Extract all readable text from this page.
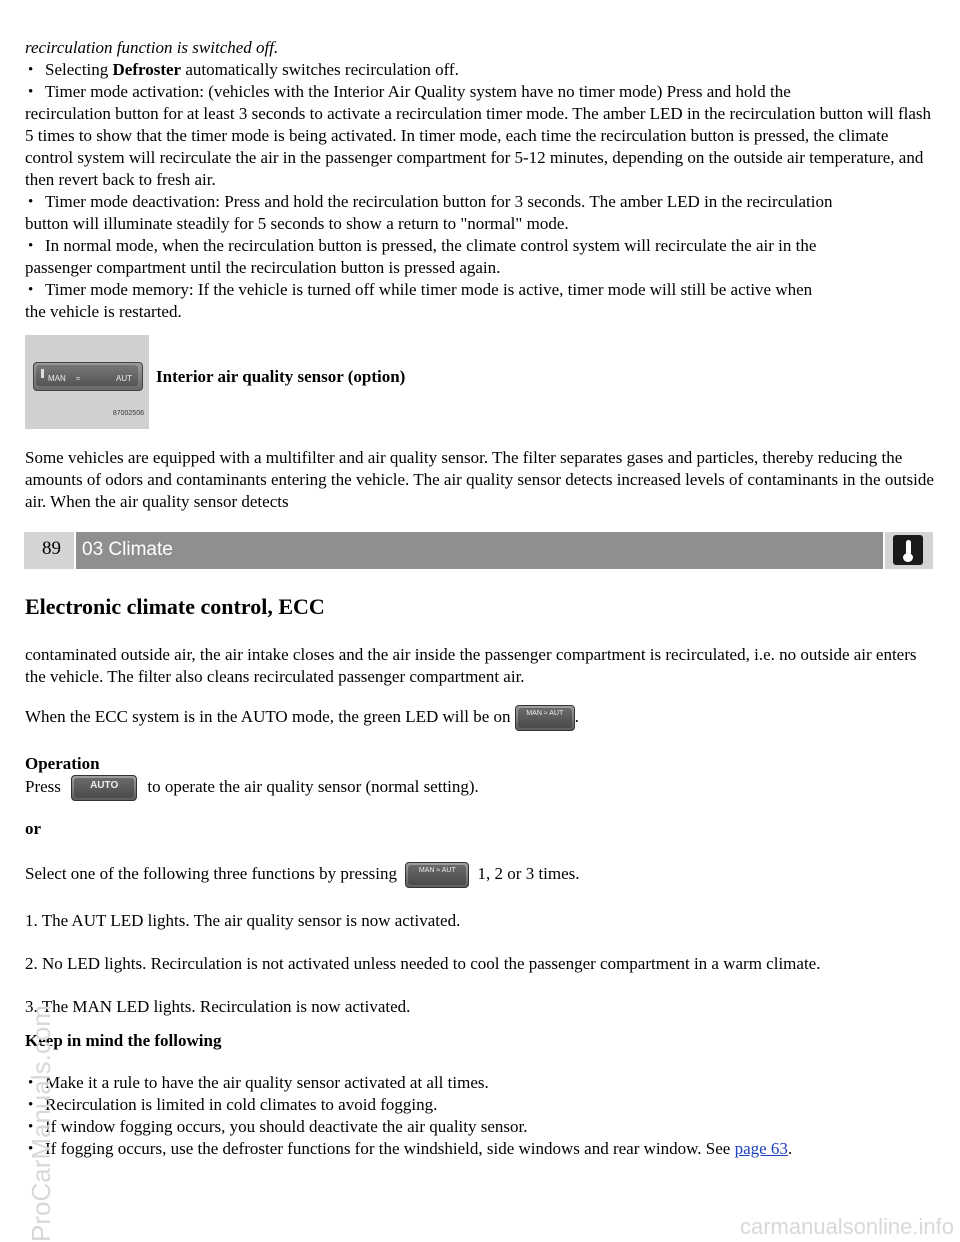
recirculation function is switched off.

• Selecting Defroster automatically switches recirculation off.
• Timer mode activation: (vehicles with the Interior Air Quality system have no timer mode) Press and hold the

recirculation button for at least 3 seconds to activate a recirculation timer mode. The amber LED in the recirculation button will flash 5 times to show that the timer mode is being activated. In timer mode, each time the recirculation button is pressed, the climate control system will recirculate the air in the passenger compartment for 5-12 minutes, depending on the outside air temperature, and then revert back to fresh air.

• Timer mode deactivation: Press and hold the recirculation button for 3 seconds. The amber LED in the recirculation

button will illuminate steadily for 5 seconds to show a return to "normal" mode.

• In normal mode, when the recirculation button is pressed, the climate control system will recirculate the air in the

passenger compartment until the recirculation button is pressed again.

• Timer mode memory: If the vehicle is turned off while timer mode is active, timer mode will still be active when

the vehicle is restarted.

MAN ≈	AUT
87002506
Interior air quality sensor (option)
Some vehicles are equipped with a multifilter and air quality sensor. The filter separates gases and particles, thereby reducing the amounts of odors and contaminants entering the vehicle. The air quality sensor detects increased levels of contaminants in the outside air. When the air quality sensor detects
89 03 Climate
Electronic climate control, ECC
contaminated outside air, the air intake closes and the air inside the passenger compartment is recirculated, i.e. no outside air enters the vehicle. The filter also cleans recirculated passenger compartment air.
When the ECC system is in the AUTO mode, the green LED will be on	MAN ≈ AUT .
Operation
Press	AUTO	to operate the air quality sensor (normal setting).
or
Select one of the following three functions by pressing	MAN ≈ AUT	1, 2 or 3 times.
1. The AUT LED lights. The air quality sensor is now activated.
2. No LED lights. Recirculation is not activated unless needed to cool the passenger compartment in a warm climate.
3. The MAN LED lights. Recirculation is now activated.
Keep in mind the following
• Make it a rule to have the air quality sensor activated at all times.
• Recirculation is limited in cold climates to avoid fogging.
• If window fogging occurs, you should deactivate the air quality sensor.
• If fogging occurs, use the defroster functions for the windshield, side windows and rear window. See page 63.
ProCarManuals.com	carmanualsonline.info
